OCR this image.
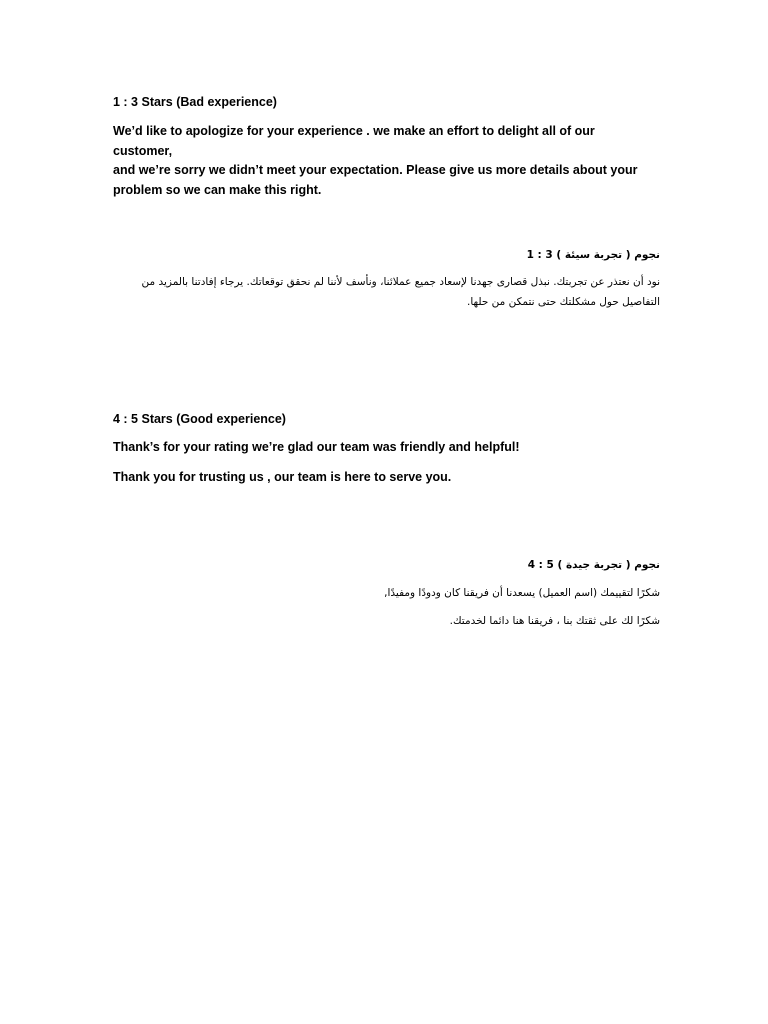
1 : 3 Stars (Bad experience)

We’d like to apologize for your experience . we make an effort to delight all of our customer,

and we’re sorry we didn’t meet your expectation. Please give us more details about your

problem so we can make this right.

نجوم ( تجربة سيئة ) 3 : 1

نود أن نعتذر عن تجربتك. نبذل قصارى جهدنا لإسعاد جميع عملائنا، ونأسف لأننا لم نحقق توقعاتك. يرجاء إفادتنا بالمزيد من

التفاصيل حول مشكلتك حتى نتمكن من حلها.

4 : 5 Stars (Good experience)

Thank’s for your rating we’re glad our team was friendly and helpful!

Thank you for trusting us , our team is here to serve you.

نجوم ( تجربة جيدة ) 5 : 4

شكرًا لتقييمك (اسم العميل) يسعدنا أن فريقنا كان ودودًا ومفيدًا,

شكرًا لك على ثقتك بنا ، فريقنا هنا دائما لخدمتك.
